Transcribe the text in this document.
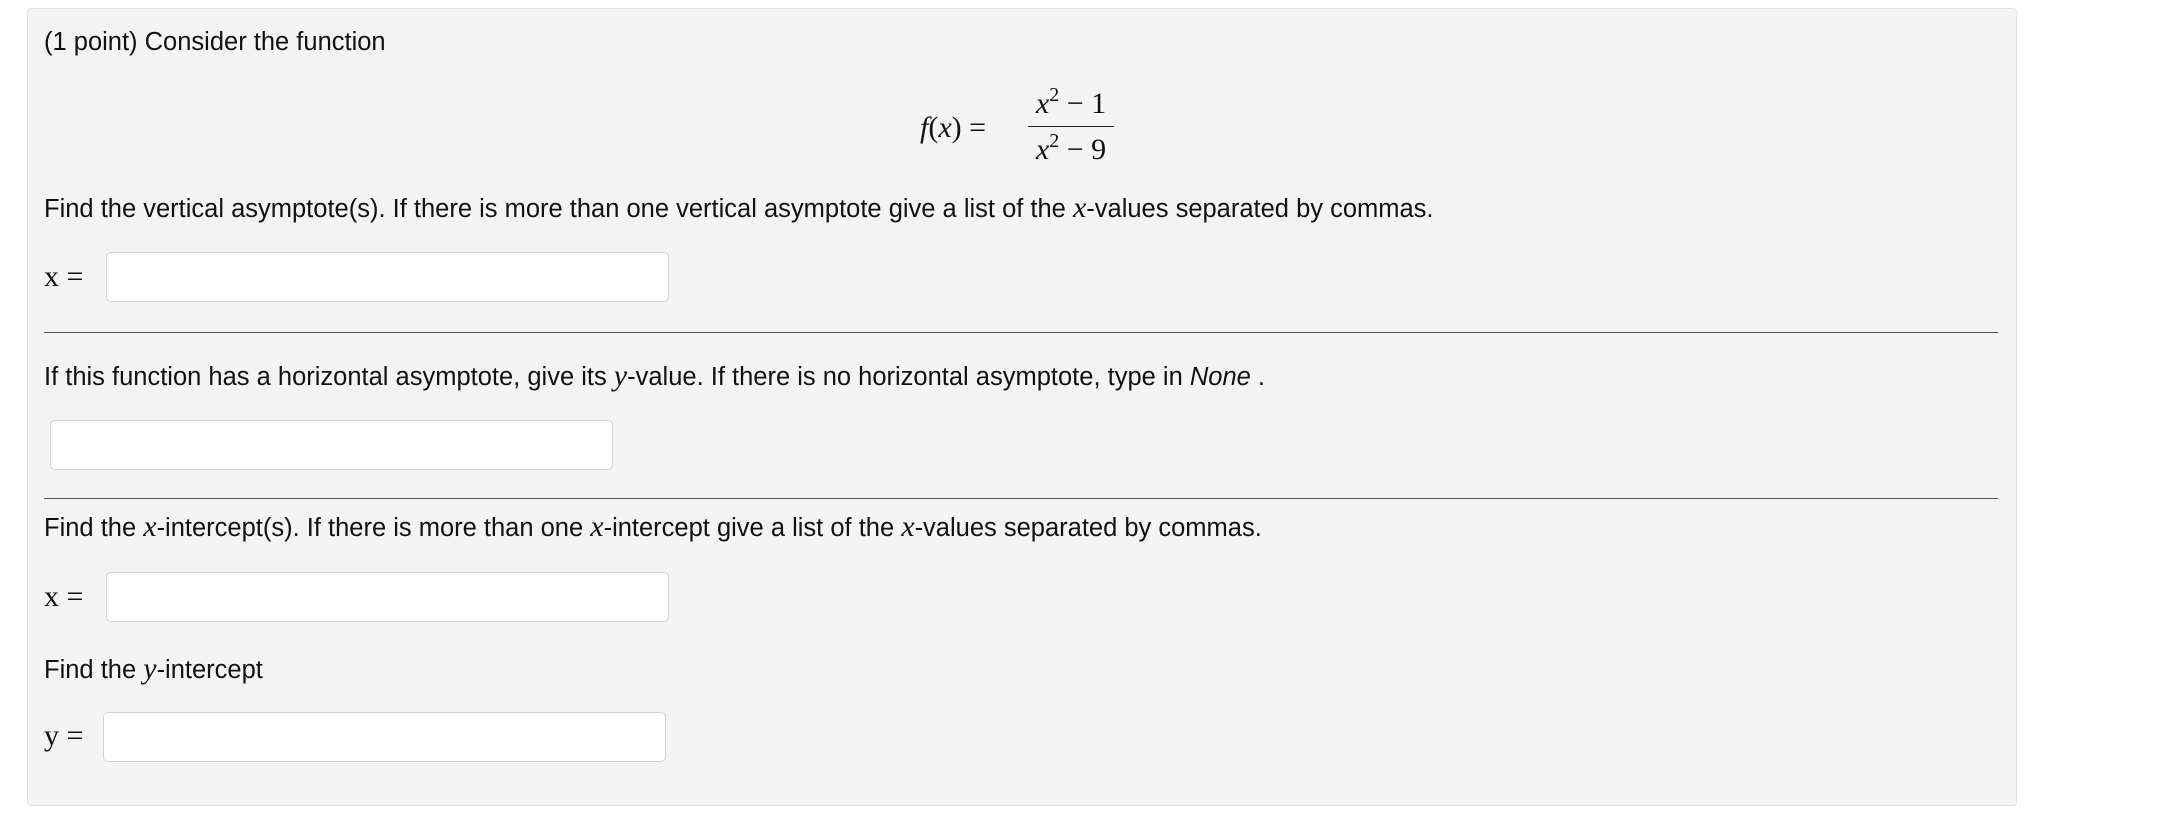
(1 point) Consider the function
f(x) =
$x^2 - 1$
$x^2 - 9$
Find the vertical asymptote(s). If there is more than one vertical asymptote give a list of the x-values separated by commas.
x =
If this function has a horizontal asymptote, give its y-value. If there is no horizontal asymptote, type in None .
Find the x-intercept(s). If there is more than one x-intercept give a list of the x-values separated by commas.
x =
Find the y-intercept
y =
